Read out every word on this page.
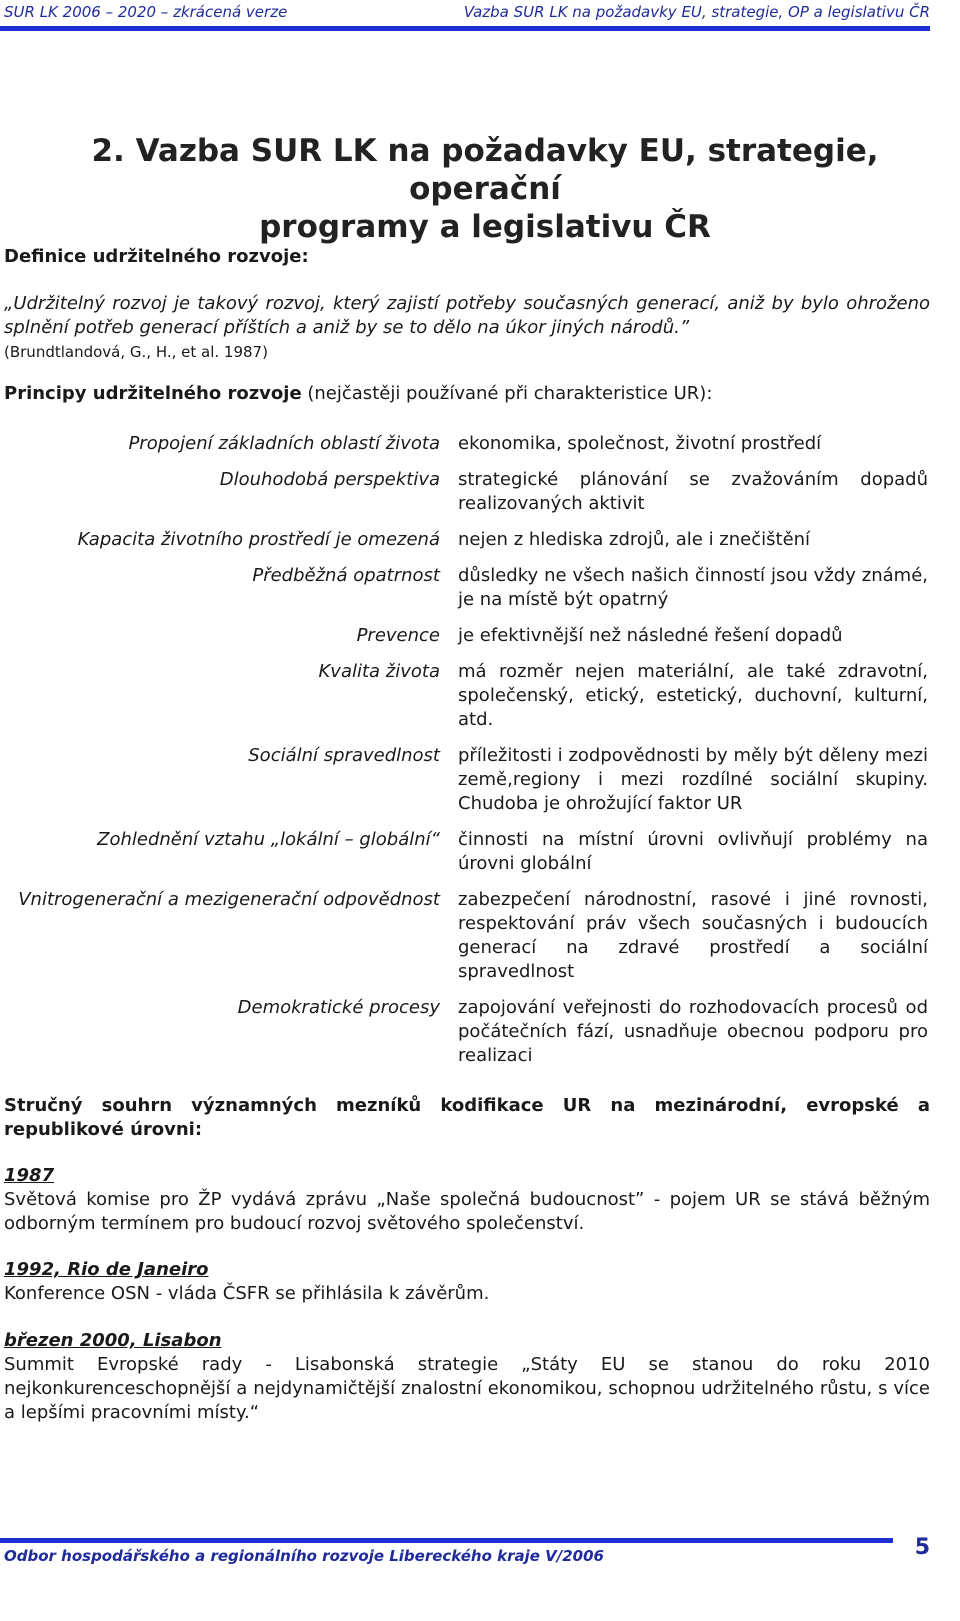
SUR LK 2006 – 2020 – zkrácená verze	Vazba SUR LK na požadavky EU, strategie, OP a legislativu ČR
2. Vazba SUR LK na požadavky EU, strategie, operační
programy a legislativu ČR

Definice udržitelného rozvoje:

„Udržitelný rozvoj je takový rozvoj, který zajistí potřeby současných generací, aniž by bylo ohroženo splnění potřeb generací příštích a aniž by se to dělo na úkor jiných národů.”

(Brundtlandová, G., H., et al. 1987)

Principy udržitelného rozvoje (nejčastěji používané při charakteristice UR):

Propojení základních oblastí života ekonomika, společnost, životní prostředí
Dlouhodobá perspektiva strategické plánování se zvažováním dopadů realizovaných aktivit
Kapacita životního prostředí je omezená nejen z hlediska zdrojů, ale i znečištění
Předběžná opatrnost důsledky ne všech našich činností jsou vždy známé, je na místě být opatrný
Prevence je efektivnější než následné řešení dopadů
Kvalita života má rozměr nejen materiální, ale také zdravotní, společenský, etický, estetický, duchovní, kulturní, atd.
Sociální spravedlnost příležitosti i zodpovědnosti by měly být děleny mezi země,regiony i mezi rozdílné sociální skupiny. Chudoba je ohrožující faktor UR
Zohlednění vztahu „lokální – globální“ činnosti na místní úrovni ovlivňují problémy na úrovni globální
Vnitrogenerační a mezigenerační odpovědnost zabezpečení národnostní, rasové i jiné rovnosti, respektování práv všech současných i budoucích generací na zdravé prostředí a sociální spravedlnost
Demokratické procesy zapojování veřejnosti do rozhodovacích procesů od počátečních fází, usnadňuje obecnou podporu pro realizaci

Stručný souhrn významných mezníků kodifikace UR na mezinárodní, evropské a republikové úrovni:

1987

Světová komise pro ŽP vydává zprávu „Naše společná budoucnost” - pojem UR se stává běžným odborným termínem pro budoucí rozvoj světového společenství.

1992, Rio de Janeiro

Konference OSN - vláda ČSFR se přihlásila k závěrům.

březen 2000, Lisabon

Summit Evropské rady - Lisabonská strategie „Státy EU se stanou do roku 2010 nejkonkurenceschopnější a nejdynamičtější znalostní ekonomikou, schopnou udržitelného růstu, s více a lepšími pracovními místy.“

Odbor hospodářského a regionálního rozvoje Libereckého kraje V/2006	5
